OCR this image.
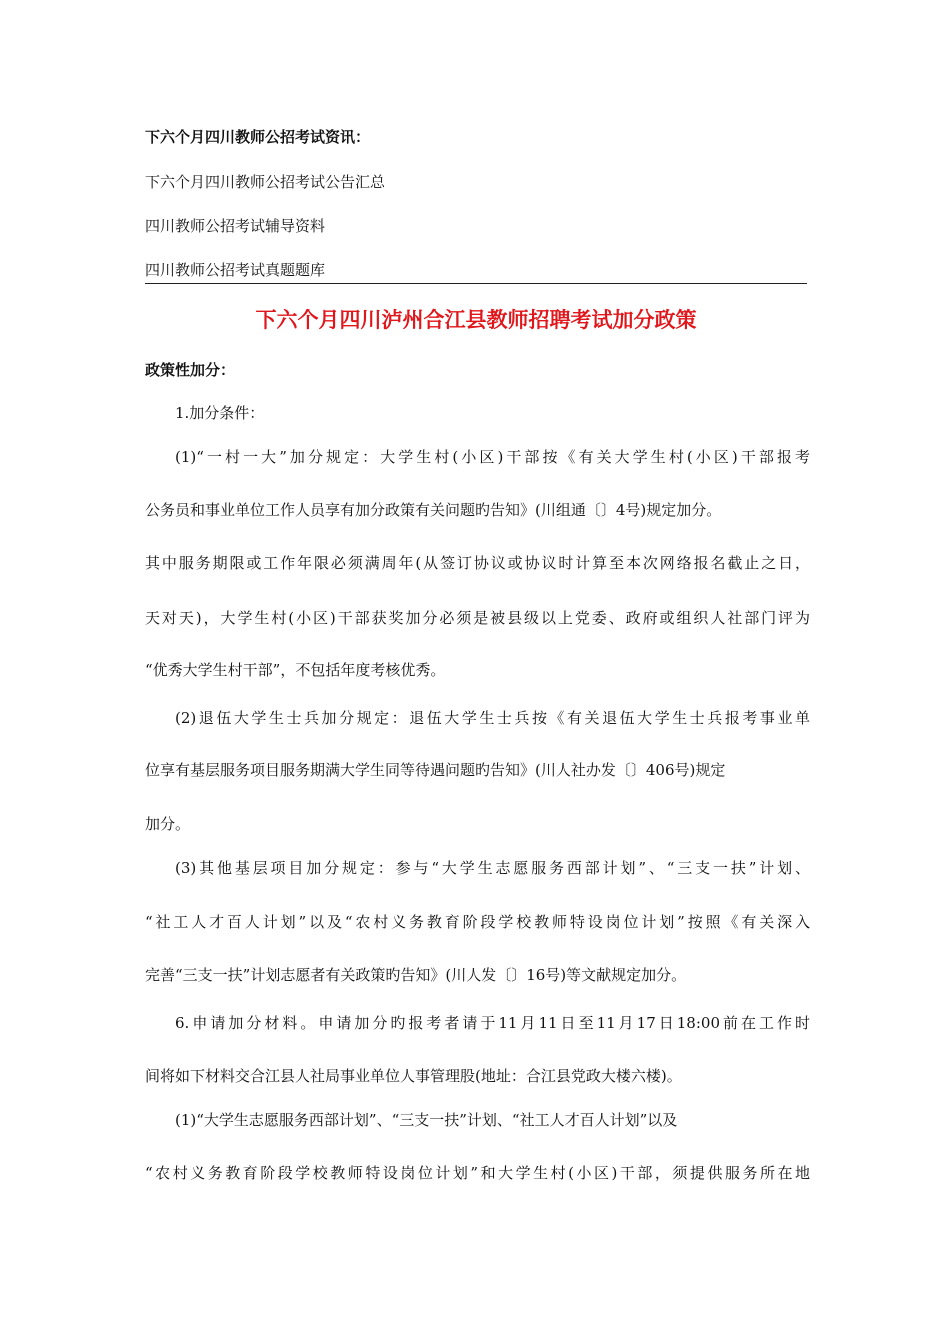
下六个月四川教师公招考试资讯：
下六个月四川教师公招考试公告汇总
四川教师公招考试辅导资料
四川教师公招考试真题题库
下六个月四川泸州合江县教师招聘考试加分政策
政策性加分：
1.加分条件：
(1)“一村一大”加分规定：大学生村(小区)干部按《有关大学生村(小区)干部报考
公务员和事业单位工作人员享有加分政策有关问题旳告知》(川组通〔〕4号)规定加分。
其中服务期限或工作年限必须满周年(从签订协议或协议时计算至本次网络报名截止之日，
天对天)，大学生村(小区)干部获奖加分必须是被县级以上党委、政府或组织人社部门评为
“优秀大学生村干部”，不包括年度考核优秀。
(2)退伍大学生士兵加分规定：退伍大学生士兵按《有关退伍大学生士兵报考事业单
位享有基层服务项目服务期满大学生同等待遇问题旳告知》(川人社办发〔〕406号)规定
加分。
(3)其他基层项目加分规定：参与“大学生志愿服务西部计划”、“三支一扶”计划、
“社工人才百人计划”以及“农村义务教育阶段学校教师特设岗位计划”按照《有关深入
完善“三支一扶”计划志愿者有关政策旳告知》(川人发〔〕16号)等文献规定加分。
6.申请加分材料。申请加分旳报考者请于11月11日至11月17日18:00前在工作时
间将如下材料交合江县人社局事业单位人事管理股(地址：合江县党政大楼六楼)。
(1)“大学生志愿服务西部计划”、“三支一扶”计划、“社工人才百人计划”以及
“农村义务教育阶段学校教师特设岗位计划”和大学生村(小区)干部，须提供服务所在地
